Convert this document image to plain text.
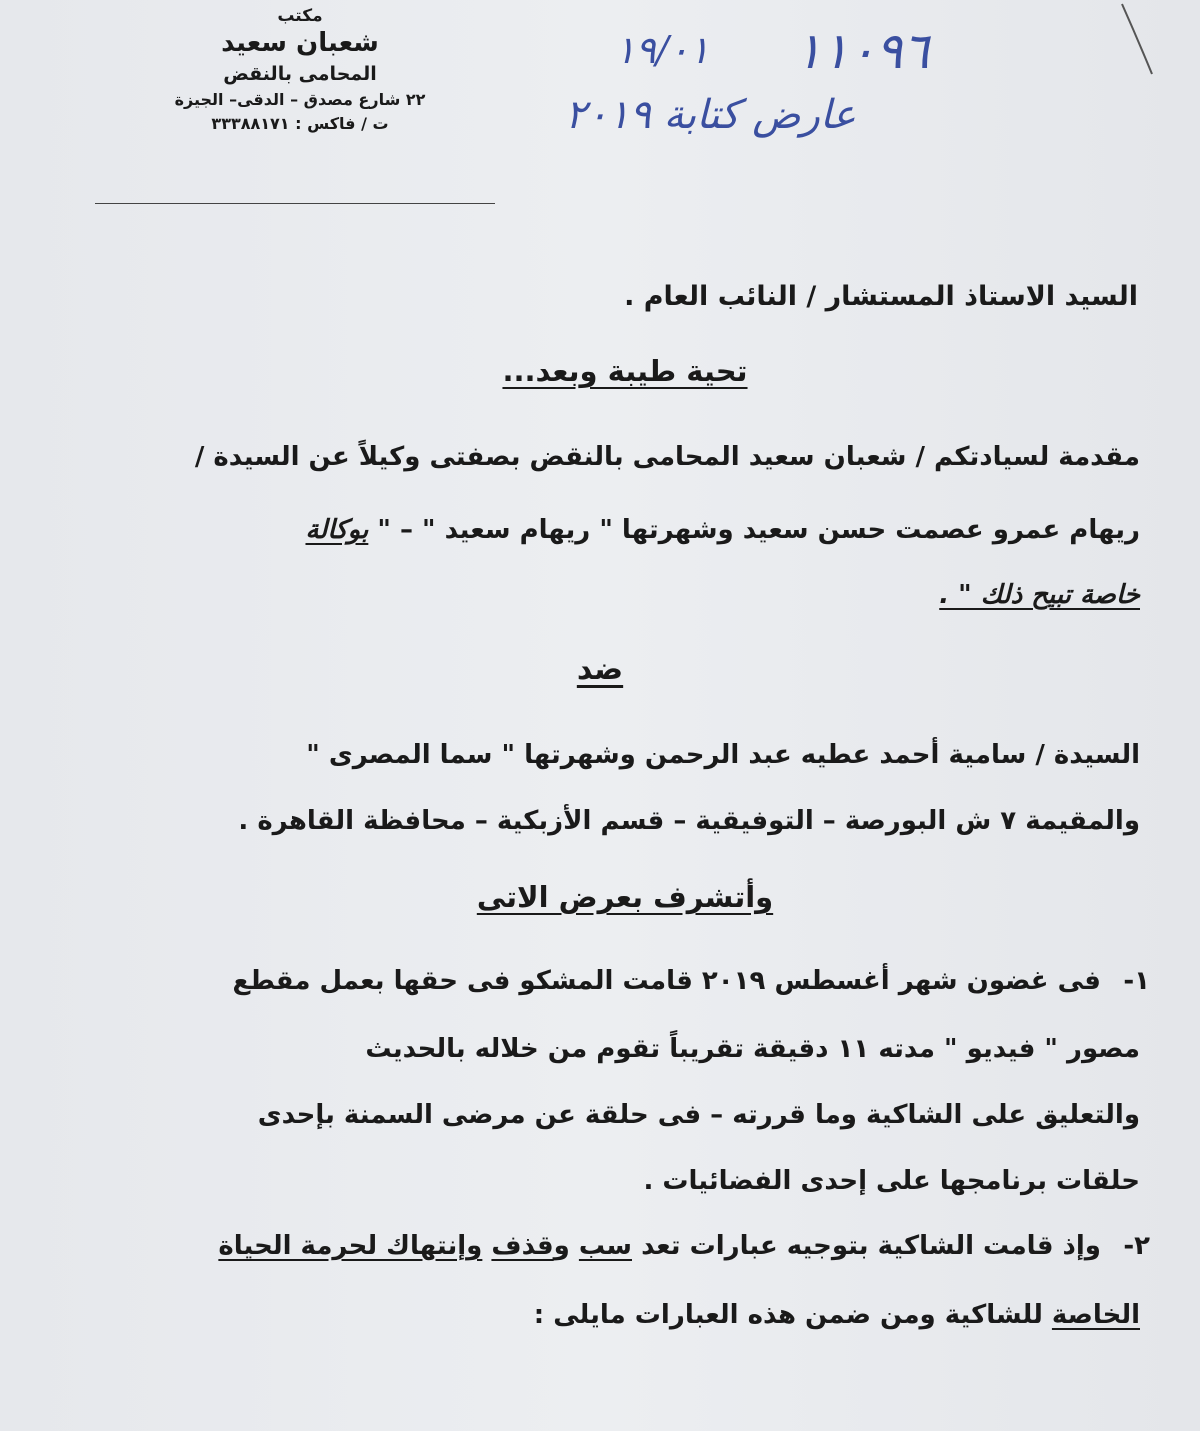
مكتب
شعبان سعيد
المحامى بالنقض
٢٢ شارع مصدق – الدقى– الجيزة
ت / فاكس : ٣٣٣٨٨١٧١
١١٠٩٦
١٩/٠١
عارض كتابة ٢٠١٩
السيد الاستاذ المستشار / النائب العام .
تحية طيبة وبعد...
مقدمة لسيادتكم / شعبان سعيد المحامى بالنقض بصفتى وكيلاً عن السيدة /
ريهام عمرو عصمت حسن سعيد وشهرتها " ريهام سعيد " – " بوكالة
خاصة تبيح ذلك " .
ضد
السيدة / سامية أحمد عطيه عبد الرحمن وشهرتها " سما المصرى "
والمقيمة ٧ ش البورصة – التوفيقية – قسم الأزبكية – محافظة القاهرة .
وأتشرف بعرض الاتى
١- فى غضون شهر أغسطس ٢٠١٩ قامت المشكو فى حقها بعمل مقطع
مصور " فيديو " مدته ١١ دقيقة تقريباً تقوم من خلاله بالحديث
والتعليق على الشاكية وما قررته – فى حلقة عن مرضى السمنة بإحدى
حلقات برنامجها على إحدى الفضائيات .
٢- وإذ قامت الشاكية بتوجيه عبارات تعد سب وقذف وإنتهاك لحرمة الحياة
الخاصة للشاكية ومن ضمن هذه العبارات مايلى :
